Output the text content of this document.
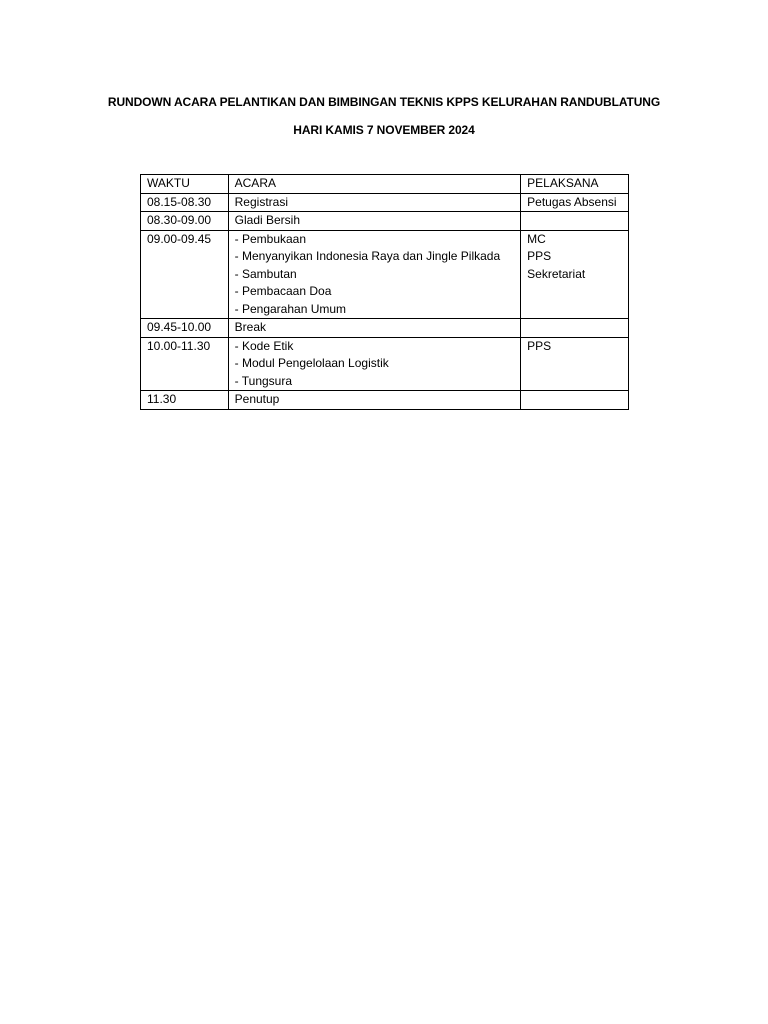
RUNDOWN ACARA PELANTIKAN DAN BIMBINGAN TEKNIS KPPS KELURAHAN RANDUBLATUNG
HARI KAMIS 7 NOVEMBER 2024
WAKTU	ACARA	PELAKSANA
08.15-08.30	Registrasi	Petugas Absensi

08.30-09.00	Gladi Bersih	

09.00-09.45	- Pembukaan
- Menyanyikan Indonesia Raya dan Jingle Pilkada
- Sambutan
- Pembacaan Doa
- Pengarahan Umum	MC
PPS
Sekretariat

09.45-10.00	Break	

10.00-11.30	- Kode Etik
- Modul Pengelolaan Logistik
- Tungsura	PPS

11.30	Penutup	
